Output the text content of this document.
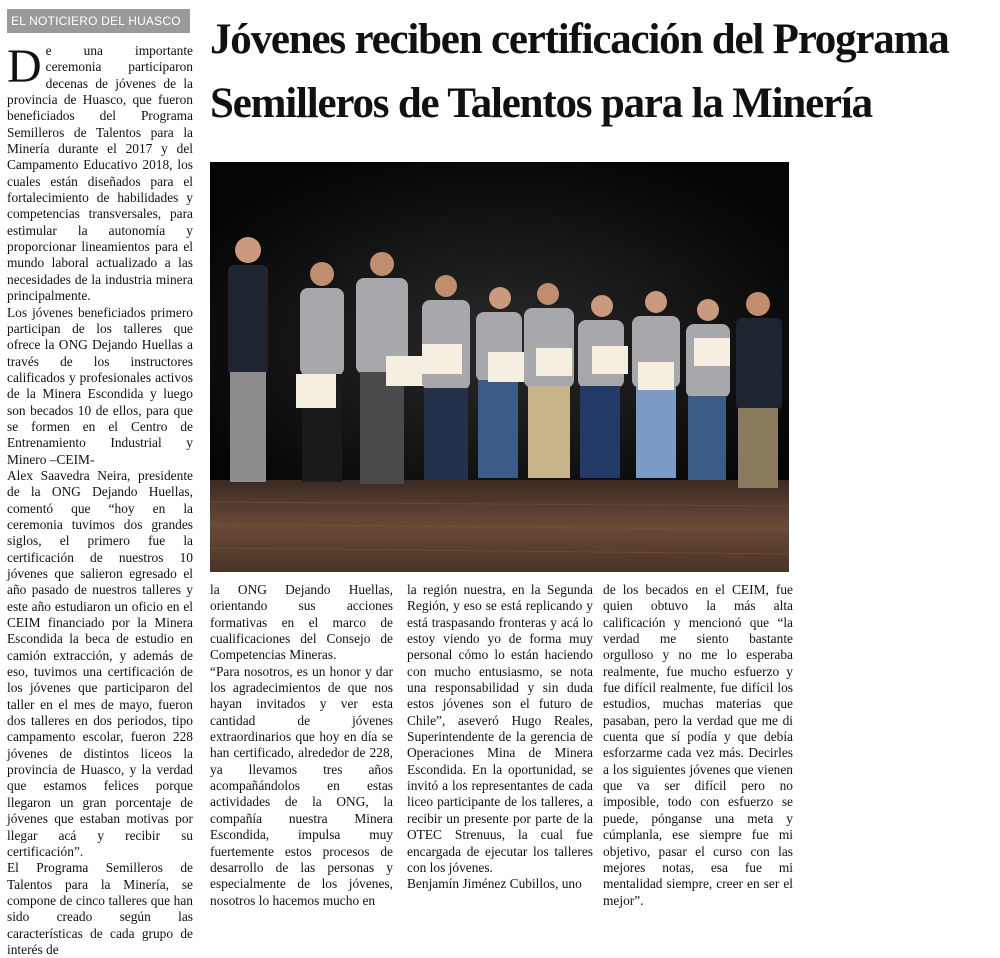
EL NOTICIERO DEL HUASCO Jóvenes reciben certificación del Programa Semilleros de Talentos para la Minería

De una importante ceremonia participaron decenas de jóvenes de la provincia de Huasco, que fueron beneficiados del Programa Semilleros de Talentos para la Minería durante el 2017 y del Campamento Educativo 2018, los cuales están diseñados para el fortalecimiento de habilidades y competencias transversales, para estimular la autonomía y proporcionar lineamientos para el mundo laboral actualizado a las necesidades de la industria minera principalmente.

Los jóvenes beneficiados primero participan de los talleres que ofrece la ONG Dejando Huellas a través de los instructores calificados y profesionales activos de la Minera Escondida y luego son becados 10 de ellos, para que se formen en el Centro de Entrenamiento Industrial y Minero –CEIM-

Alex Saavedra Neira, presidente de la ONG Dejando Huellas, comentó que “hoy en la ceremonia tuvimos dos grandes siglos, el primero fue la certificación de nuestros 10 jóvenes que salieron egresado el año pasado de nuestros talleres y este año estudiaron un oficio en el CEIM financiado por la Minera Escondida la beca de estudio en camión extracción, y además de eso, tuvimos una certificación de los jóvenes que participaron del taller en el mes de mayo, fueron dos talleres en dos periodos, tipo campamento escolar, fueron 228 jóvenes de distintos liceos la provincia de Huasco, y la verdad que estamos felices porque llegaron un gran porcentaje de jóvenes que estaban motivas por llegar acá y recibir su certificación”.

El Programa Semilleros de Talentos para la Minería, se compone de cinco talleres que han sido creado según las características de cada grupo de interés de

la ONG Dejando Huellas, orientando sus acciones formativas en el marco de cualificaciones del Consejo de Competencias Mineras.

“Para nosotros, es un honor y dar los agradecimientos de que nos hayan invitados y ver esta cantidad de jóvenes extraordinarios que hoy en día se han certificado, alrededor de 228, ya llevamos tres años acompañándolos en estas actividades de la ONG, la compañía nuestra Minera Escondida, impulsa muy fuertemente estos procesos de desarrollo de las personas y especialmente de los jóvenes, nosotros lo hacemos mucho en

la región nuestra, en la Segunda Región, y eso se está replicando y está traspasando fronteras y acá lo estoy viendo yo de forma muy personal cómo lo están haciendo con mucho entusiasmo, se nota una responsabilidad y sin duda estos jóvenes son el futuro de Chile”, aseveró Hugo Reales, Superintendente de la gerencia de Operaciones Mina de Minera Escondida. En la oportunidad, se invitó a los representantes de cada liceo participante de los talleres, a recibir un presente por parte de la OTEC Strenuus, la cual fue encargada de ejecutar los talleres con los jóvenes.

Benjamín Jiménez Cubillos, uno

de los becados en el CEIM, fue quien obtuvo la más alta calificación y mencionó que “la verdad me siento bastante orgulloso y no me lo esperaba realmente, fue mucho esfuerzo y fue difícil realmente, fue difícil los estudios, muchas materias que pasaban, pero la verdad que me di cuenta que sí podía y que debía esforzarme cada vez más. Decirles a los siguientes jóvenes que vienen que va ser difícil pero no imposible, todo con esfuerzo se puede, pónganse una meta y cúmplanla, ese siempre fue mi objetivo, pasar el curso con las mejores notas, esa fue mi mentalidad siempre, creer en ser el mejor”.
